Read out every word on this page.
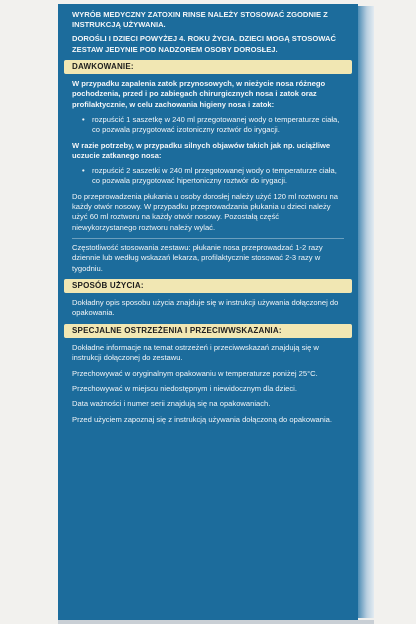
WYRÓB MEDYCZNY ZATOXIN RINSE NALEŻY STOSOWAĆ ZGODNIE Z INSTRUKCJĄ UŻYWANIA.

DOROŚLI I DZIECI POWYŻEJ 4. ROKU ŻYCIA. DZIECI MOGĄ STOSOWAĆ ZESTAW JEDYNIE POD NADZOREM OSOBY DOROSŁEJ.

DAWKOWANIE:

W przypadku zapalenia zatok przynosowych, w nieżycie nosa różnego pochodzenia, przed i po zabiegach chirurgicznych nosa i zatok oraz profilaktycznie, w celu zachowania higieny nosa i zatok:

• rozpuścić 1 saszetkę w 240 ml przegotowanej wody o temperaturze ciała, co pozwala przygotować izotoniczny roztwór do irygacji.

W razie potrzeby, w przypadku silnych objawów takich jak np. uciążliwe uczucie zatkanego nosa:

• rozpuścić 2 saszetki w 240 ml przegotowanej wody o temperaturze ciała, co pozwala przygotować hipertoniczny roztwór do irygacji.

Do przeprowadzenia płukania u osoby dorosłej należy użyć 120 ml roztworu na każdy otwór nosowy. W przypadku przeprowadzania płukania u dzieci należy użyć 60 ml roztworu na każdy otwór nosowy. Pozostałą część niewykorzystanego roztworu należy wylać.

Częstotliwość stosowania zestawu: płukanie nosa przeprowadzać 1-2 razy dziennie lub według wskazań lekarza, profilaktycznie stosować 2-3 razy w tygodniu.

SPOSÓB UŻYCIA:

Dokładny opis sposobu użycia znajduje się w instrukcji używania dołączonej do opakowania.

SPECJALNE OSTRZEŻENIA I PRZECIWWSKAZANIA:

Dokładne informacje na temat ostrzeżeń i przeciwwskazań znajdują się w instrukcji dołączonej do zestawu.

Przechowywać w oryginalnym opakowaniu w temperaturze poniżej 25°C.

Przechowywać w miejscu niedostępnym i niewidocznym dla dzieci.

Data ważności i numer serii znajdują się na opakowaniach.

Przed użyciem zapoznaj się z instrukcją używania dołączoną do opakowania.
